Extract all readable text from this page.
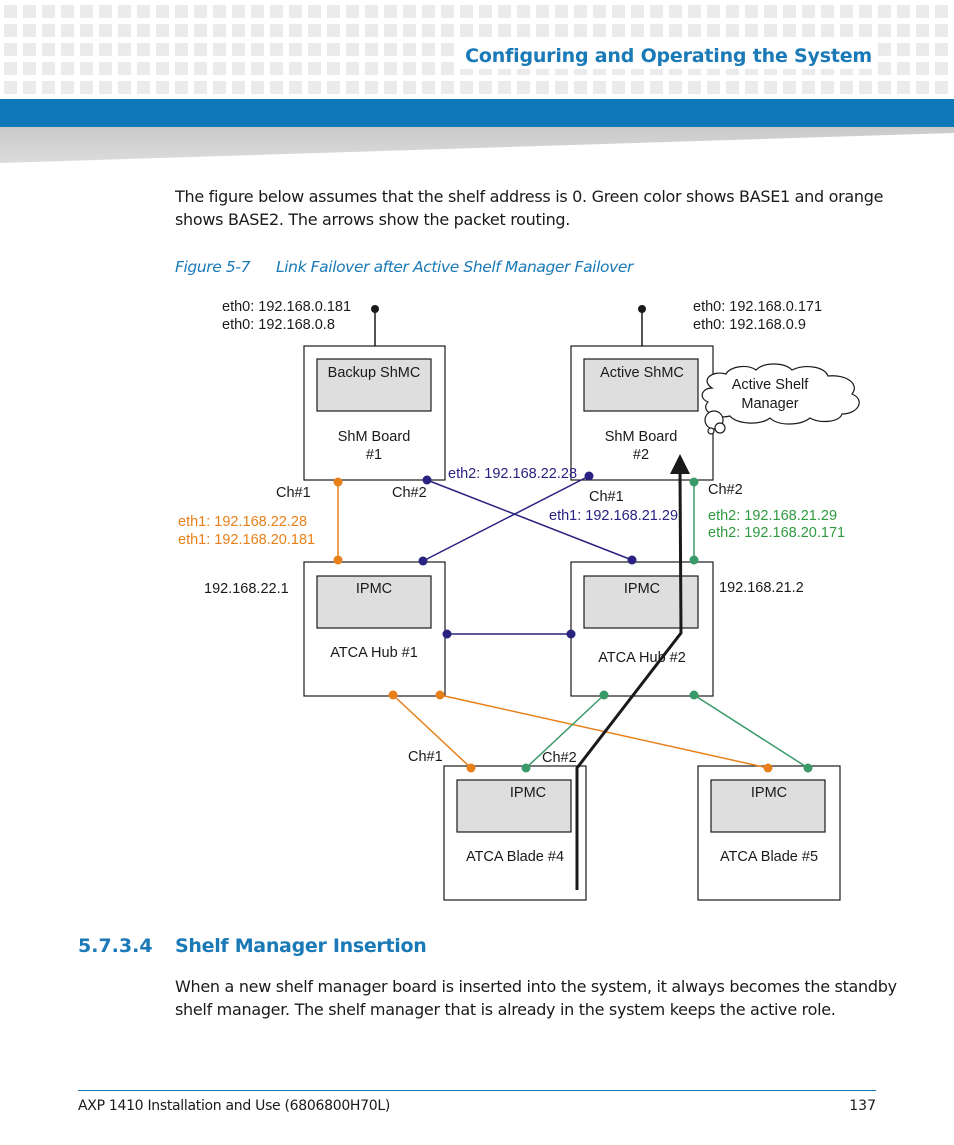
Configuring and Operating the System
The figure below assumes that the shelf address is 0. Green color shows BASE1 and orange
shows BASE2. The arrows show the packet routing.
Figure 5-7 Link Failover after Active Shelf Manager Failover
eth0: 192.168.0.181
eth0: 192.168.0.8
eth0: 192.168.0.171
eth0: 192.168.0.9
Backup ShMC	Active ShMC
ShM Board
#1
ShM Board
#2
Active Shelf
Manager
Ch#1	Ch#2	Ch#1	Ch#2
eth2: 192.168.22.28
eth1: 192.168.21.29
eth1: 192.168.22.28
eth1: 192.168.20.181
eth2: 192.168.21.29
eth2: 192.168.20.171
192.168.22.1	192.168.21.2
IPMC	IPMC
ATCA Hub #1	ATCA Hub #2
Ch#1	Ch#2
IPMC	IPMC
ATCA Blade #4	ATCA Blade #5
5.7.3.4 Shelf Manager Insertion
When a new shelf manager board is inserted into the system, it always becomes the standby
shelf manager. The shelf manager that is already in the system keeps the active role.
AXP 1410 Installation and Use (6806800H70L)	137
